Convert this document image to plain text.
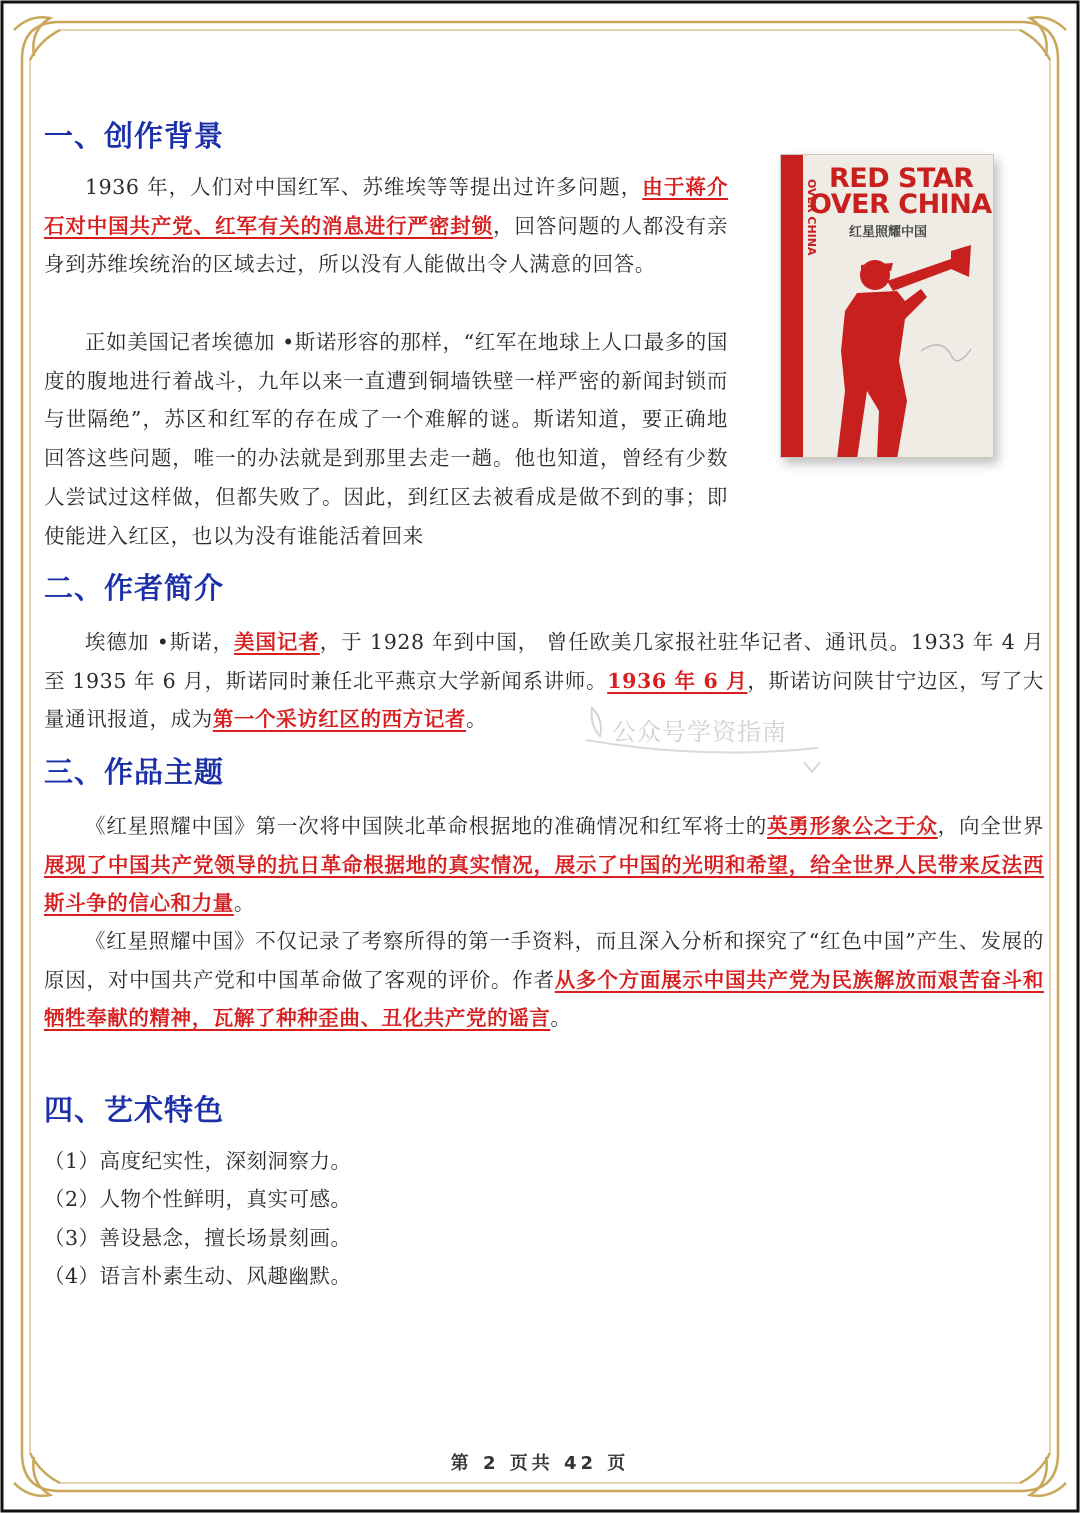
一、创作背景
1936 年，人们对中国红军、苏维埃等等提出过许多问题，由于蒋介石对中国共产党、红军有关的消息进行严密封锁，回答问题的人都没有亲身到苏维埃统治的区域去过，所以没有人能做出令人满意的回答。
正如美国记者埃德加 •斯诺形容的那样，“红军在地球上人口最多的国度的腹地进行着战斗，九年以来一直遭到铜墙铁壁一样严密的新闻封锁而与世隔绝”，苏区和红军的存在成了一个难解的谜。斯诺知道，要正确地回答这些问题，唯一的办法就是到那里去走一趟。他也知道，曾经有少数人尝试过这样做，但都失败了。因此，到红区去被看成是做不到的事；即使能进入红区，也以为没有谁能活着回来
OVER CHINA
RED STAR
OVER CHINA
红星照耀中国
二、作者简介
埃德加 •斯诺，美国记者，于 1928 年到中国， 曾任欧美几家报社驻华记者、通讯员。1933 年 4 月至 1935 年 6 月，斯诺同时兼任北平燕京大学新闻系讲师。1936 年 6 月，斯诺访问陕甘宁边区，写了大量通讯报道，成为第一个采访红区的西方记者。	公众号学资指南
三、作品主题
《红星照耀中国》第一次将中国陕北革命根据地的准确情况和红军将士的英勇形象公之于众，向全世界展现了中国共产党领导的抗日革命根据地的真实情况，展示了中国的光明和希望，给全世界人民带来反法西斯斗争的信心和力量。
《红星照耀中国》不仅记录了考察所得的第一手资料，而且深入分析和探究了“红色中国”产生、发展的原因，对中国共产党和中国革命做了客观的评价。作者从多个方面展示中国共产党为民族解放而艰苦奋斗和牺牲奉献的精神，瓦解了种种歪曲、丑化共产党的谣言。
四、艺术特色
（1）高度纪实性，深刻洞察力。
（2）人物个性鲜明，真实可感。
（3）善设悬念，擅长场景刻画。
（4）语言朴素生动、风趣幽默。
第 2 页共 42 页
